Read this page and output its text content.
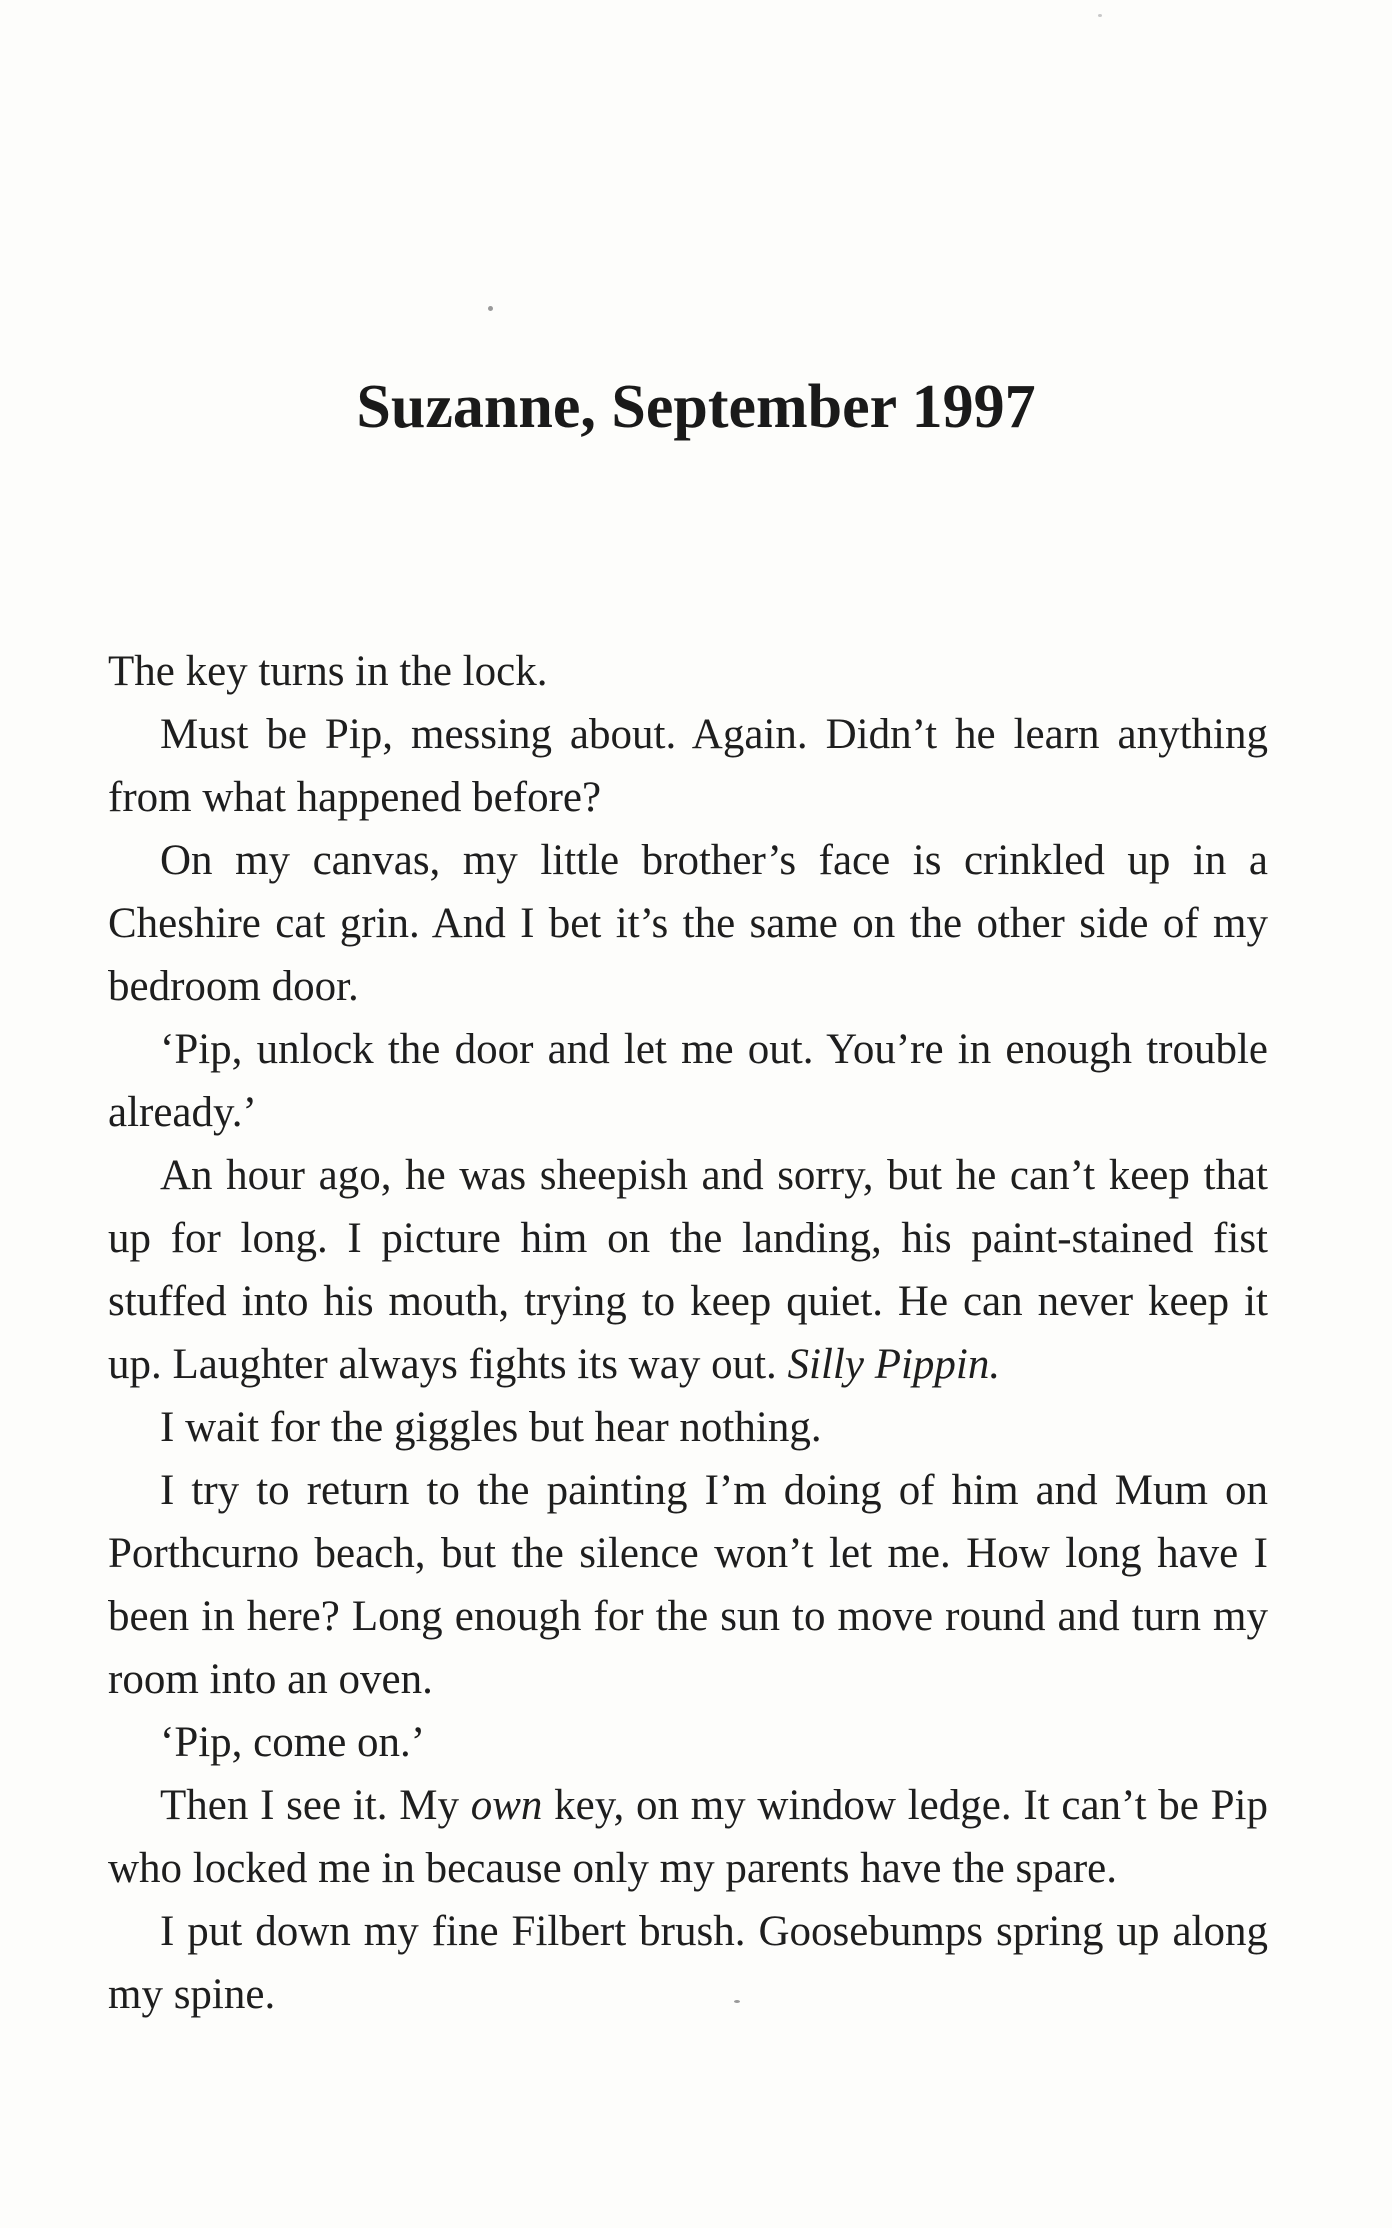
Suzanne, September 1997

The key turns in the lock.

Must be Pip, messing about. Again. Didn’t he learn anything from what happened before?

On my canvas, my little brother’s face is crinkled up in a Cheshire cat grin. And I bet it’s the same on the other side of my bedroom door.

‘Pip, unlock the door and let me out. You’re in enough trouble already.’

An hour ago, he was sheepish and sorry, but he can’t keep that up for long. I picture him on the landing, his paint-stained fist stuffed into his mouth, trying to keep quiet. He can never keep it up. Laughter always fights its way out. Silly Pippin.

I wait for the giggles but hear nothing.

I try to return to the painting I’m doing of him and Mum on Porthcurno beach, but the silence won’t let me. How long have I been in here? Long enough for the sun to move round and turn my room into an oven.

‘Pip, come on.’

Then I see it. My own key, on my window ledge. It can’t be Pip who locked me in because only my parents have the spare.

I put down my fine Filbert brush. Goosebumps spring up along my spine.
